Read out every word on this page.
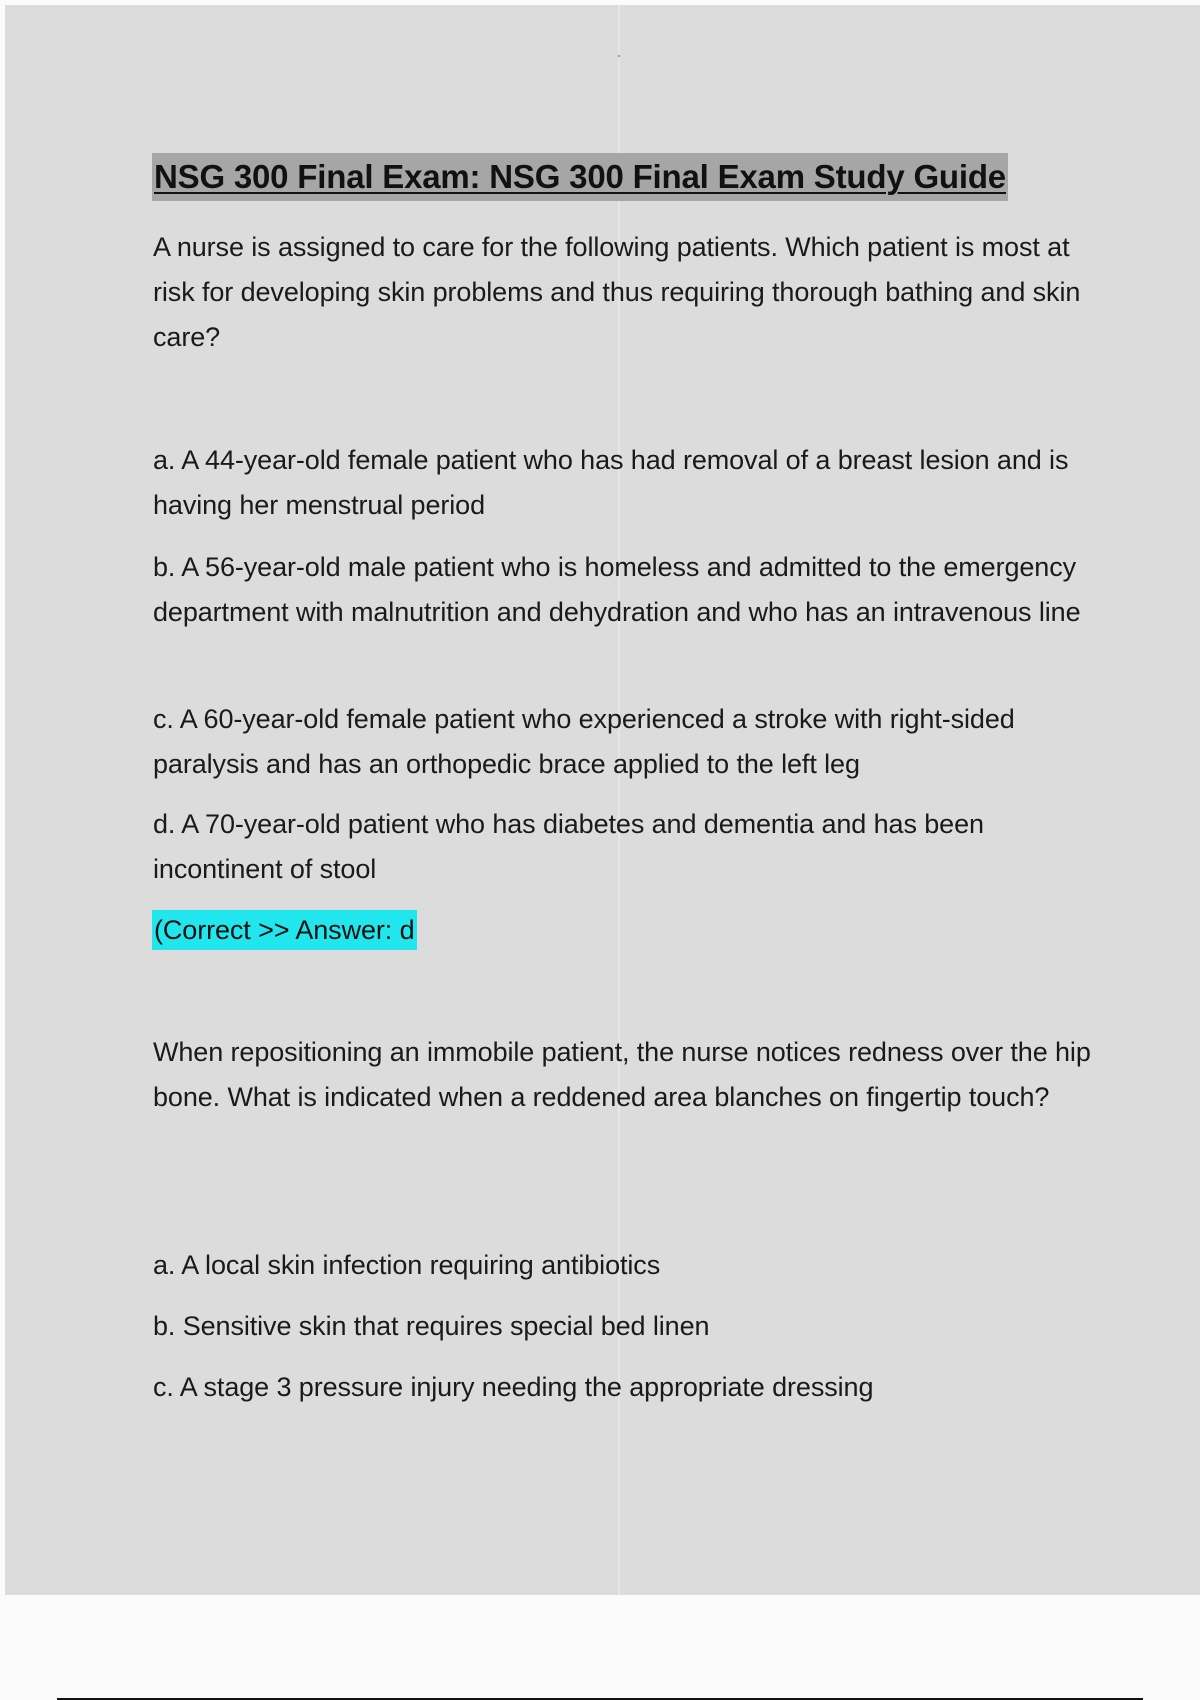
NSG 300 Final Exam: NSG 300 Final Exam Study Guide

A nurse is assigned to care for the following patients. Which patient is most at risk for developing skin problems and thus requiring thorough bathing and skin care?

a. A 44-year-old female patient who has had removal of a breast lesion and is having her menstrual period

b. A 56-year-old male patient who is homeless and admitted to the emergency department with malnutrition and dehydration and who has an intravenous line

c. A 60-year-old female patient who experienced a stroke with right-sided paralysis and has an orthopedic brace applied to the left leg

d. A 70-year-old patient who has diabetes and dementia and has been incontinent of stool

(Correct >> Answer: d

When repositioning an immobile patient, the nurse notices redness over the hip bone. What is indicated when a reddened area blanches on fingertip touch?

a. A local skin infection requiring antibiotics

b. Sensitive skin that requires special bed linen

c. A stage 3 pressure injury needing the appropriate dressing
